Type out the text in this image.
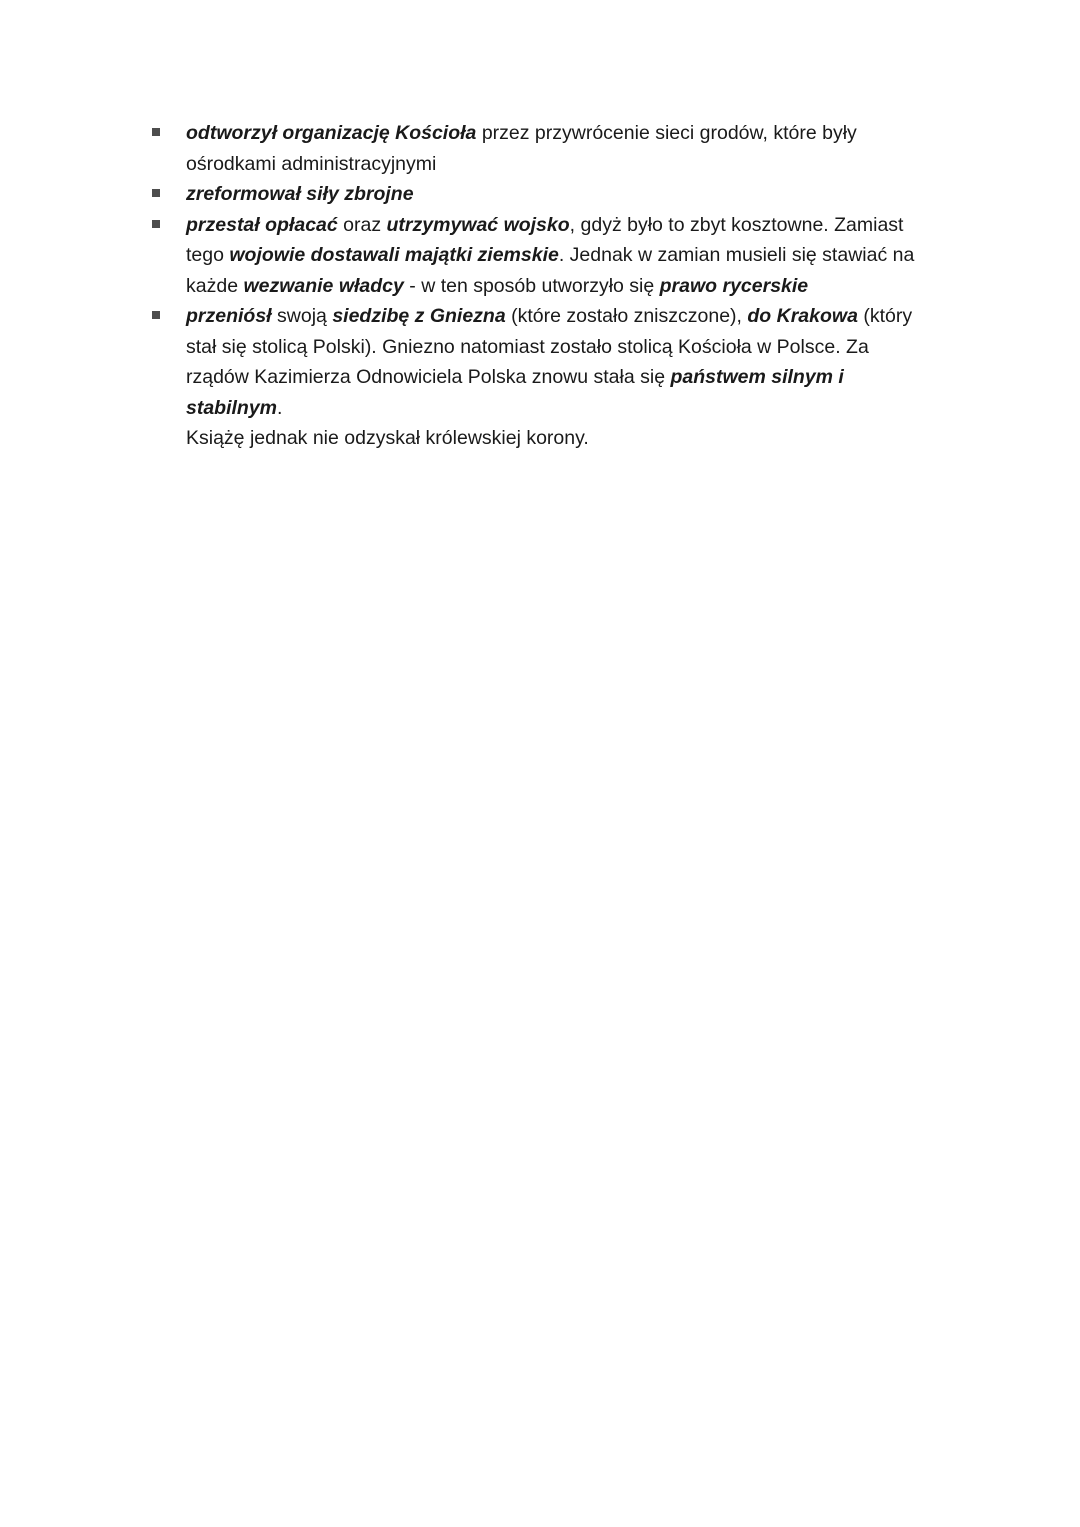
odtworzył organizację Kościoła przez przywrócenie sieci grodów, które były ośrodkami administracyjnymi
zreformował siły zbrojne
przestał opłacać oraz utrzymywać wojsko, gdyż było to zbyt kosztowne. Zamiast tego wojowie dostawali majątki ziemskie. Jednak w zamian musieli się stawiać na każde wezwanie władcy - w ten sposób utworzyło się prawo rycerskie
przeniósł swoją siedzibę z Gniezna (które zostało zniszczone), do Krakowa (który stał się stolicą Polski). Gniezno natomiast zostało stolicą Kościoła w Polsce. Za rządów Kazimierza Odnowiciela Polska znowu stała się państwem silnym i stabilnym.
Książę jednak nie odzyskał królewskiej korony.
